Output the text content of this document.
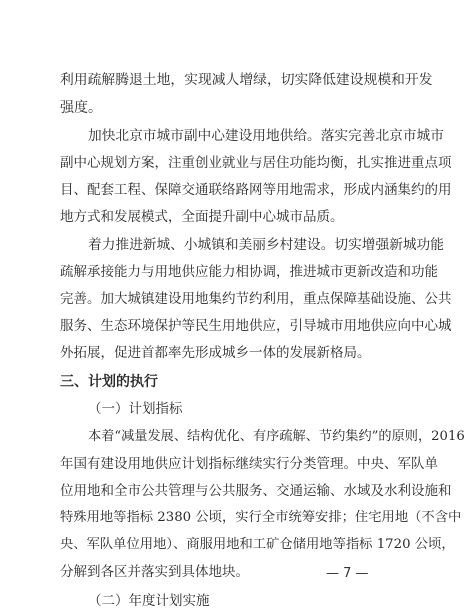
利用疏解腾退土地，实现减人增绿，切实降低建设规模和开发
强度。
加快北京市城市副中心建设用地供给。落实完善北京市城市
副中心规划方案，注重创业就业与居住功能均衡，扎实推进重点项
目、配套工程、保障交通联络路网等用地需求，形成内涵集约的用
地方式和发展模式，全面提升副中心城市品质。
着力推进新城、小城镇和美丽乡村建设。切实增强新城功能
疏解承接能力与用地供应能力相协调，推进城市更新改造和功能
完善。加大城镇建设用地集约节约利用，重点保障基础设施、公共
服务、生态环境保护等民生用地供应，引导城市用地供应向中心城
外拓展，促进首都率先形成城乡一体的发展新格局。
三、计划的执行
（一）计划指标
本着“减量发展、结构优化、有序疏解、节约集约”的原则，2016
年国有建设用地供应计划指标继续实行分类管理。中央、军队单
位用地和全市公共管理与公共服务、交通运输、水域及水利设施和
特殊用地等指标 2380 公顷，实行全市统筹安排；住宅用地（不含中
央、军队单位用地）、商服用地和工矿仓储用地等指标 1720 公顷，
分解到各区并落实到具体地块。
（二）年度计划实施
— 7 —
